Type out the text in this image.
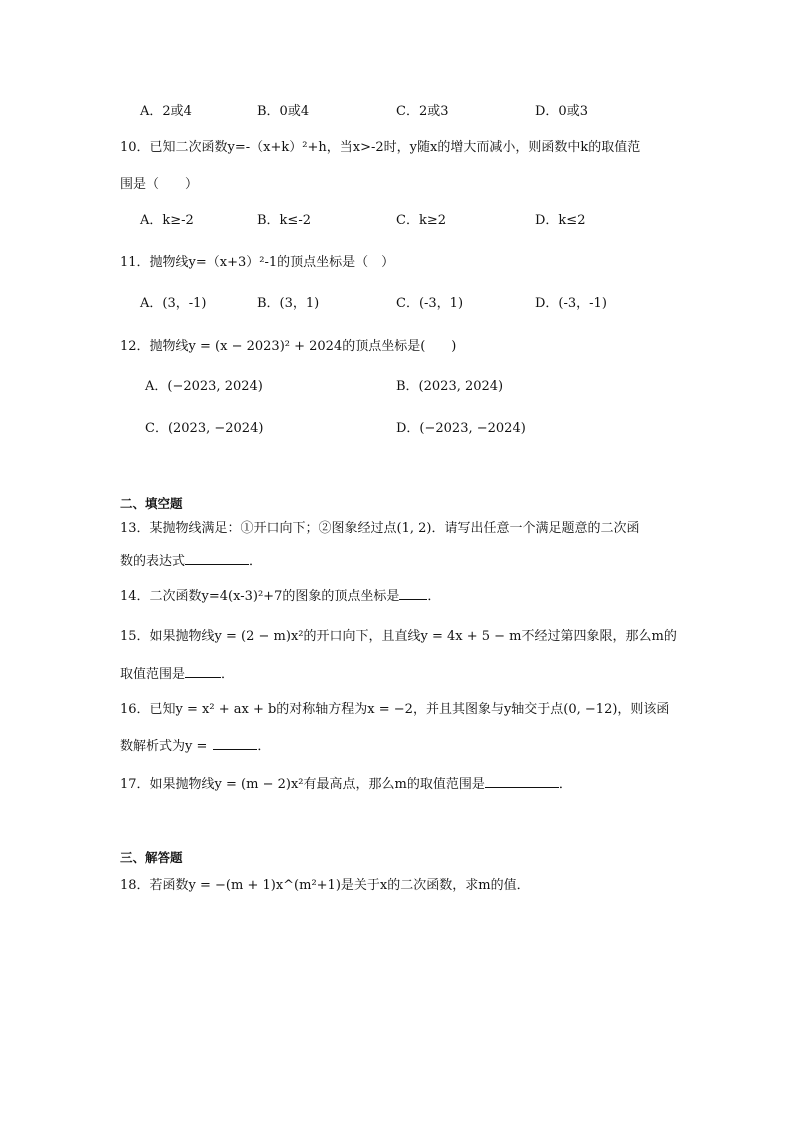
A．2或4	B．0或4	C．2或3	D．0或3
10．已知二次函数y=-（x+k）²+h，当x>-2时，y随x的增大而减小，则函数中k的取值范
围是（　　）
A．k≥-2	B．k≤-2	C．k≥2	D．k≤2
11．抛物线y=（x+3）²-1的顶点坐标是（　）
A．(3，-1)	B．(3，1)	C．(-3，1)	D．(-3，-1)
12．抛物线y = (x − 2023)² + 2024的顶点坐标是(　　)
A．(−2023, 2024)	B．(2023, 2024)
C．(2023, −2024)	D．(−2023, −2024)
二、填空题
13．某抛物线满足：①开口向下；②图象经过点(1, 2)．请写出任意一个满足题意的二次函
数的表达式	．
14．二次函数y=4(x-3)²+7的图象的顶点坐标是 ．
15．如果抛物线y = (2 − m)x²的开口向下，且直线y = 4x + 5 − m不经过第四象限，那么m的
取值范围是	．
16．已知y = x² + ax + b的对称轴方程为x = −2，并且其图象与y轴交于点(0, −12)，则该函
数解析式为y =	．
17．如果抛物线y = (m − 2)x²有最高点，那么m的取值范围是	．
三、解答题
18．若函数y = −(m + 1)x^(m²+1)是关于x的二次函数，求m的值．
